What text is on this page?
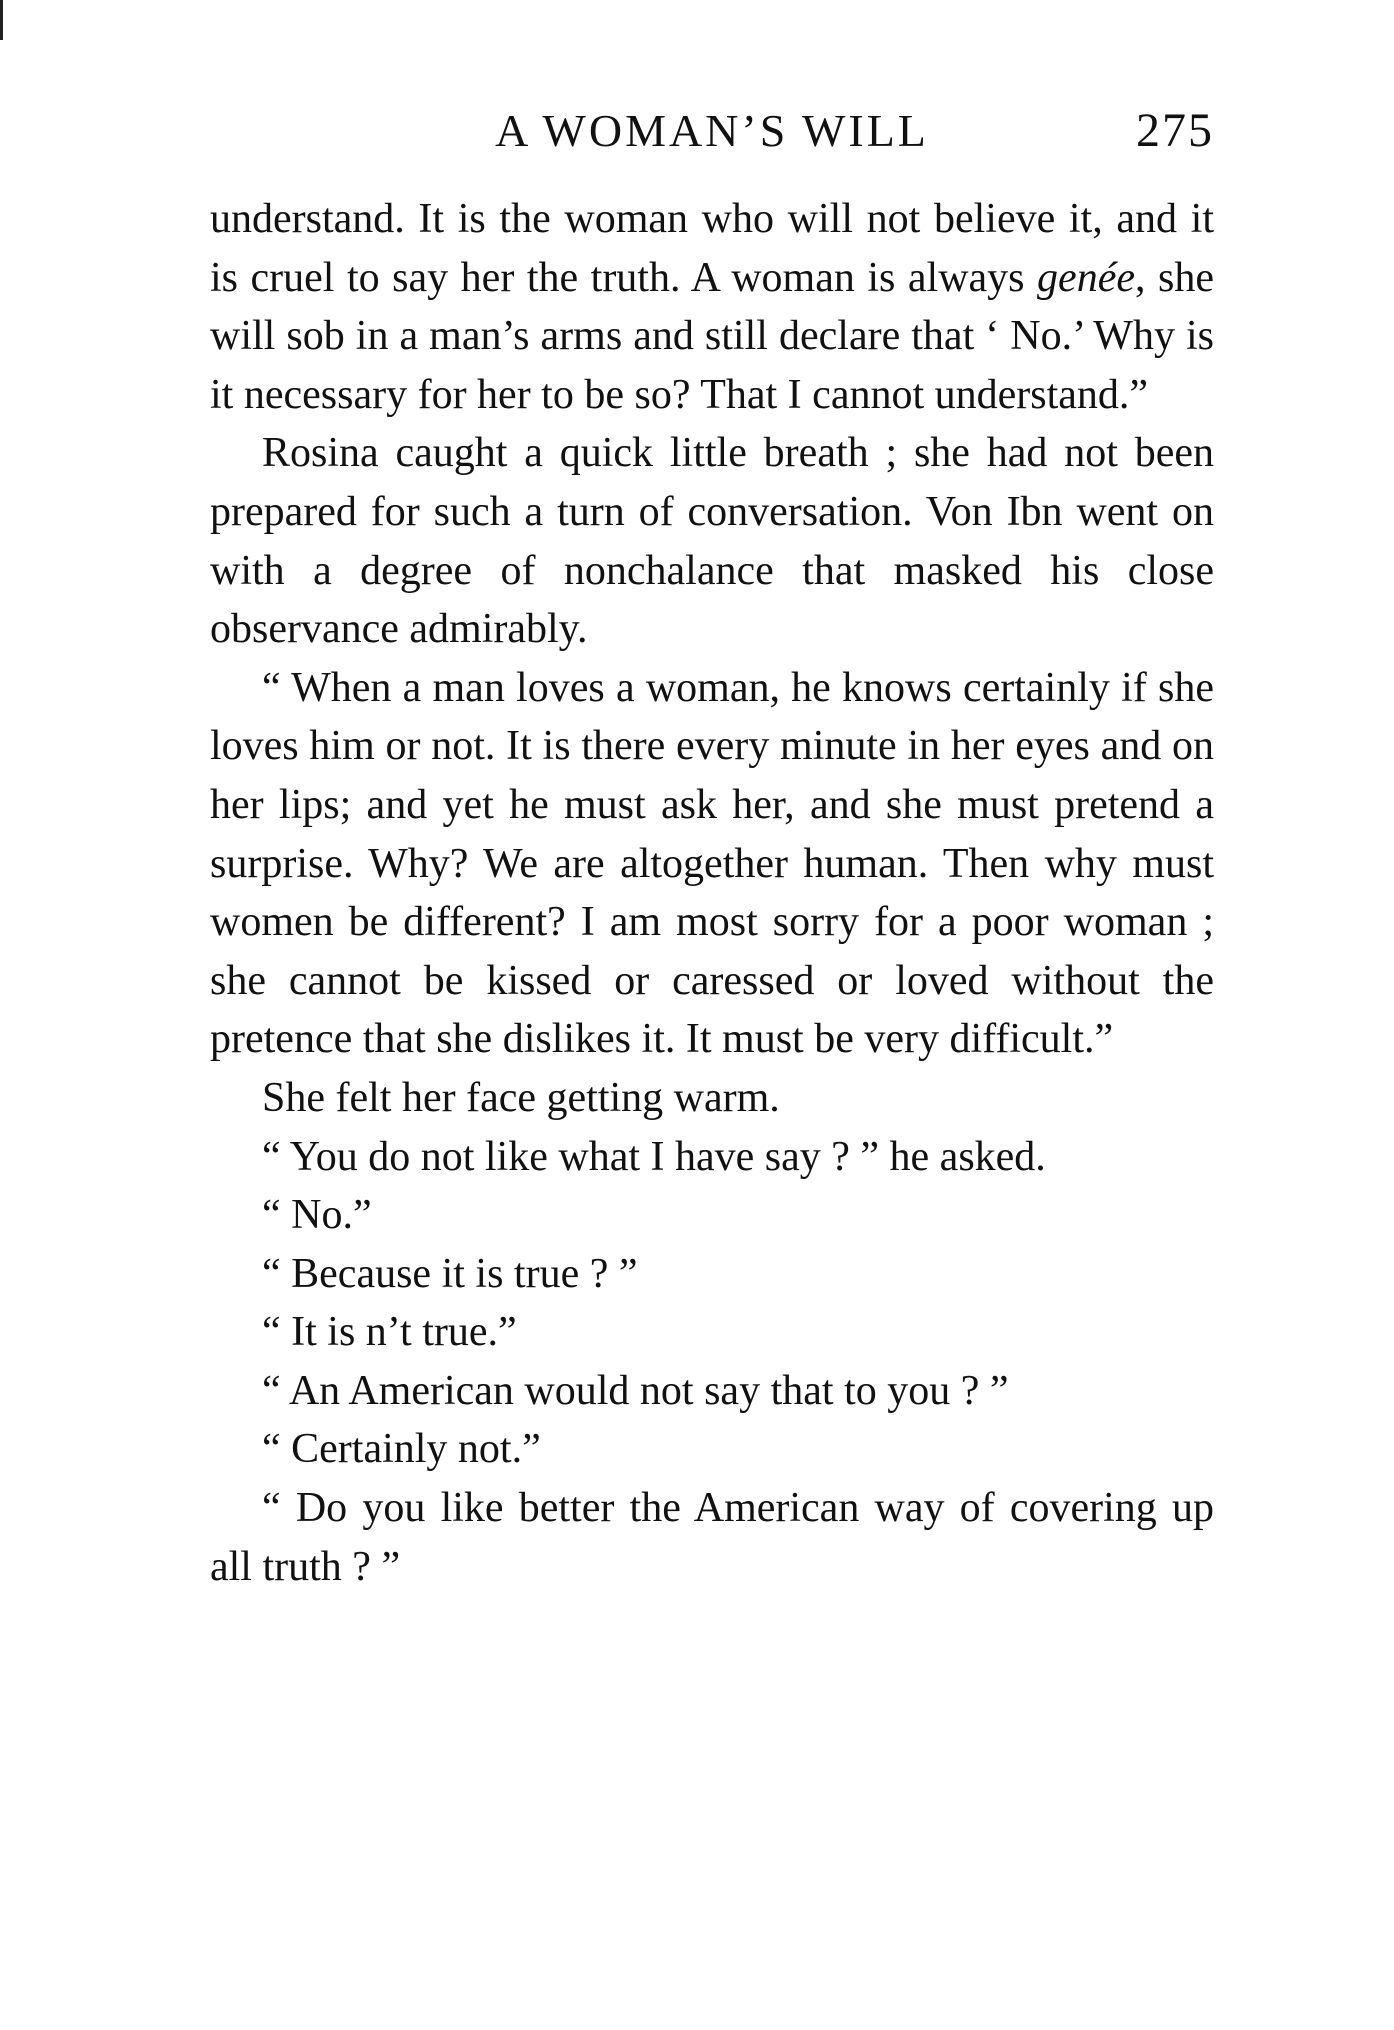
A WOMAN’S WILL	275

understand. It is the woman who will not believe it, and it is cruel to say her the truth. A woman is always genée, she will sob in a man’s arms and still declare that ‘ No.’ Why is it necessary for her to be so? That I cannot understand.”

Rosina caught a quick little breath ; she had not been prepared for such a turn of conversation. Von Ibn went on with a degree of nonchalance that masked his close observance admirably.

“ When a man loves a woman, he knows certainly if she loves him or not. It is there every minute in her eyes and on her lips; and yet he must ask her, and she must pretend a surprise. Why? We are altogether human. Then why must women be different? I am most sorry for a poor woman ; she cannot be kissed or caressed or loved without the pretence that she dislikes it. It must be very difficult.”

She felt her face getting warm.

“ You do not like what I have say ? ” he asked.

“ No.”

“ Because it is true ? ”

“ It is n’t true.”

“ An American would not say that to you ? ”

“ Certainly not.”

“ Do you like better the American way of covering up all truth ? ”
